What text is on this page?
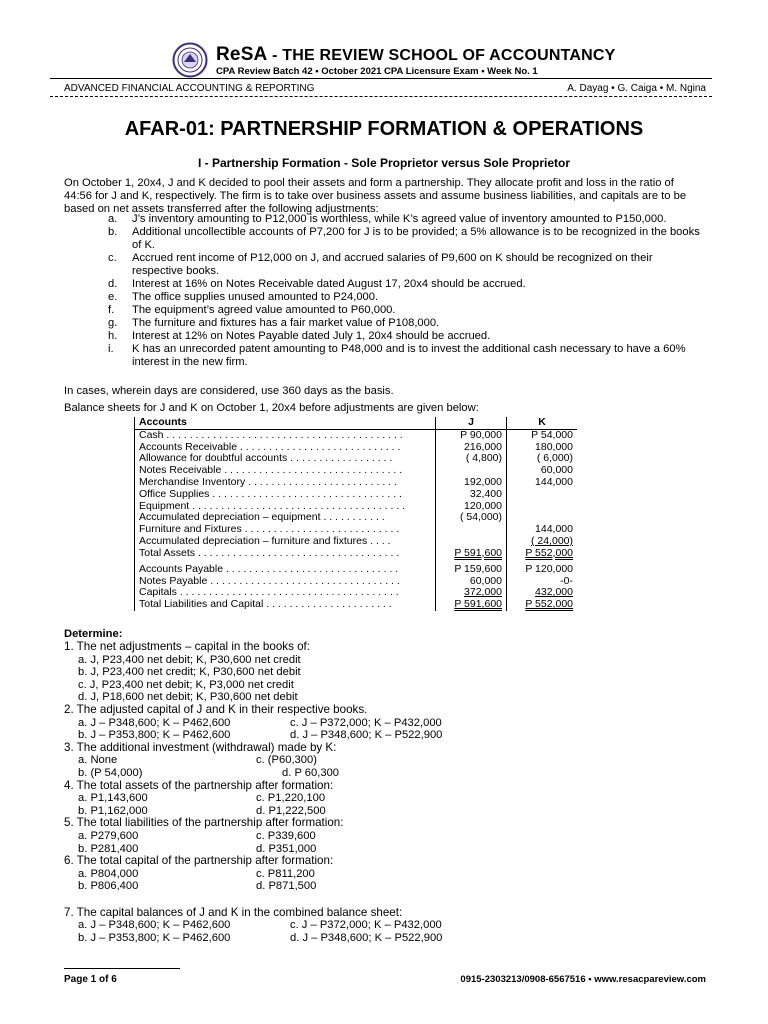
ReSA - THE REVIEW SCHOOL OF ACCOUNTANCY
CPA Review Batch 42 • October 2021 CPA Licensure Exam • Week No. 1
ADVANCED FINANCIAL ACCOUNTING & REPORTING	A. Dayag • G. Caiga • M. Ngina
AFAR-01: PARTNERSHIP FORMATION & OPERATIONS
I - Partnership Formation - Sole Proprietor versus Sole Proprietor
On October 1, 20x4, J and K decided to pool their assets and form a partnership. They allocate profit and loss in the ratio of 44:56 for J and K, respectively. The firm is to take over business assets and assume business liabilities, and capitals are to be based on net assets transferred after the following adjustments:
a. J’s inventory amounting to P12,000 is worthless, while K’s agreed value of inventory amounted to P150,000.
b. Additional uncollectible accounts of P7,200 for J is to be provided; a 5% allowance is to be recognized in the books of K.
c. Accrued rent income of P12,000 on J, and accrued salaries of P9,600 on K should be recognized on their respective books.
d. Interest at 16% on Notes Receivable dated August 17, 20x4 should be accrued.
e. The office supplies unused amounted to P24,000.
f. The equipment’s agreed value amounted to P60,000.
g. The furniture and fixtures has a fair market value of P108,000.
h. Interest at 12% on Notes Payable dated July 1, 20x4 should be accrued.
i. K has an unrecorded patent amounting to P48,000 and is to invest the additional cash necessary to have a 60% interest in the new firm.
In cases, wherein days are considered, use 360 days as the basis.
Balance sheets for J and K on October 1, 20x4 before adjustments are given below:
Accounts	J	K
Cash . . . . . . . . . . . . . . . . . . . . . . . . . . . . . . . . . . . . . . . . .	P 90,000	P 54,000
Accounts Receivable . . . . . . . . . . . . . . . . . . . . . . . . . . . .	216,000	180,000
Allowance for doubtful accounts . . . . . . . . . . . . . . . . . .	( 4,800)	( 6,000)
Notes Receivable . . . . . . . . . . . . . . . . . . . . . . . . . . . . . . .		60,000
Merchandise Inventory . . . . . . . . . . . . . . . . . . . . . . . . . .	192,000	144,000
Office Supplies . . . . . . . . . . . . . . . . . . . . . . . . . . . . . . . . .	32,400	
Equipment . . . . . . . . . . . . . . . . . . . . . . . . . . . . . . . . . . . . .	120,000	
Accumulated depreciation – equipment . . . . . . . . . . .	( 54,000)	
Furniture and Fixtures . . . . . . . . . . . . . . . . . . . . . . . . . . .		144,000
Accumulated depreciation – furniture and fixtures . . . .		( 24,000)
Total Assets . . . . . . . . . . . . . . . . . . . . . . . . . . . . . . . . . . .	P 591,600	P 552,000
Accounts Payable . . . . . . . . . . . . . . . . . . . . . . . . . . . . . .	P 159,600	P 120,000
Notes Payable . . . . . . . . . . . . . . . . . . . . . . . . . . . . . . . . .	60,000	-0-
Capitals . . . . . . . . . . . . . . . . . . . . . . . . . . . . . . . . . . . . . .	372,000	432,000
Total Liabilities and Capital . . . . . . . . . . . . . . . . . . . . . .	P 591,600	P 552,000
Determine:
1. The net adjustments – capital in the books of:
a. J, P23,400 net debit; K, P30,600 net credit
b. J, P23,400 net credit; K, P30,600 net debit
c. J, P23,400 net debit; K, P3,000 net credit
d. J, P18,600 net debit; K, P30,600 net debit
2. The adjusted capital of J and K in their respective books.
a. J – P348,600; K – P462,600	c. J – P372,000; K – P432,000
b. J – P353,800; K – P462,600	d. J – P348,600; K – P522,900
3. The additional investment (withdrawal) made by K:
a. None	c. (P60,300)
b. (P 54,000)	d. P 60,300
4. The total assets of the partnership after formation:
a. P1,143,600	c. P1,220,100
b. P1,162,000	d. P1,222,500
5. The total liabilities of the partnership after formation:
a. P279,600	c. P339,600
b. P281,400	d. P351,000
6. The total capital of the partnership after formation:
a. P804,000	c. P811,200
b. P806,400	d. P871,500
7. The capital balances of J and K in the combined balance sheet:
a. J – P348,600; K – P462,600	c. J – P372,000; K – P432,000
b. J – P353,800; K – P462,600	d. J – P348,600; K – P522,900
Page 1 of 6	0915-2303213/0908-6567516 • www.resacpareview.com
